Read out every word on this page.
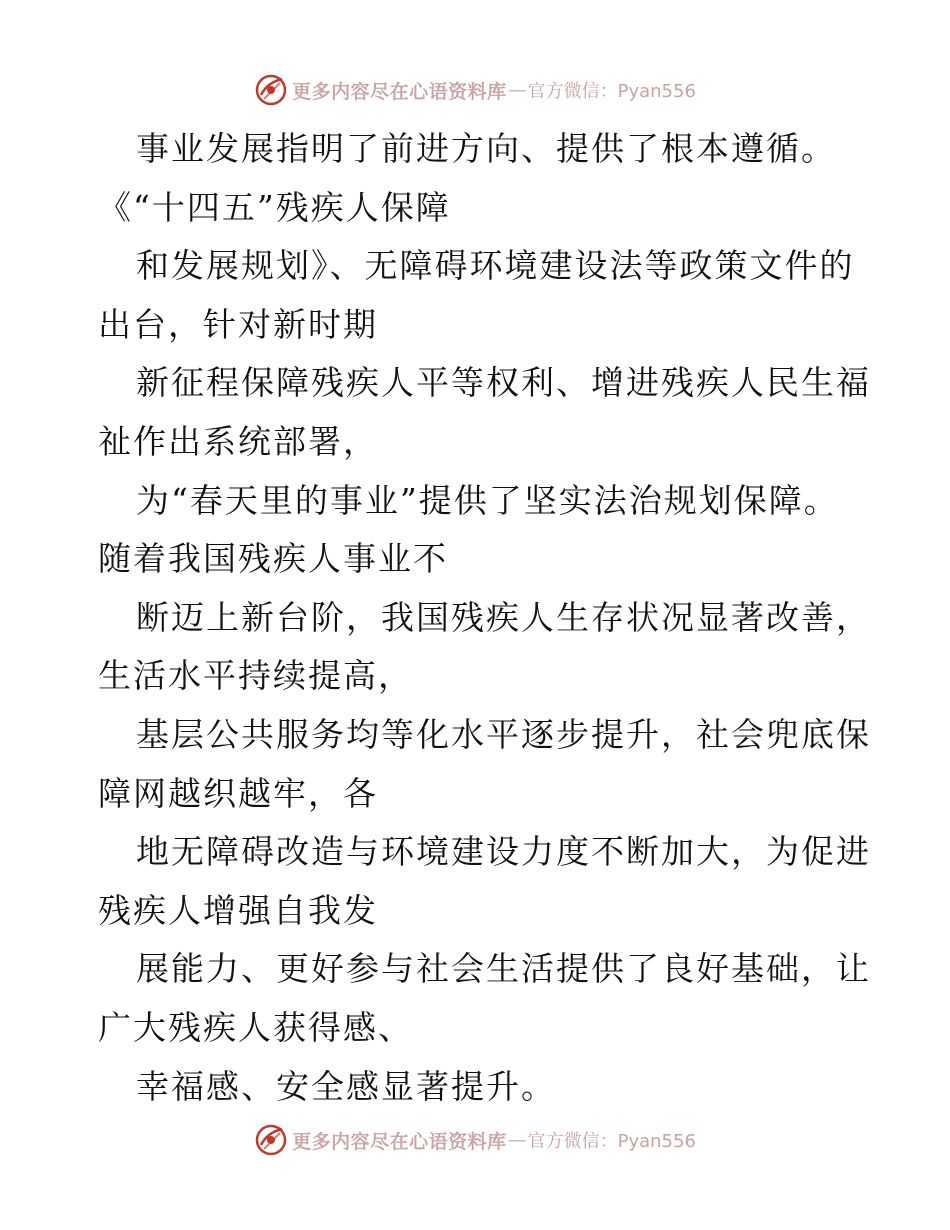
更多内容尽在心语资料库 — 官方微信：Pyan556
事业发展指明了前进方向、提供了根本遵循。
《“十四五”残疾人保障
和发展规划》、无障碍环境建设法等政策文件的
出台，针对新时期
新征程保障残疾人平等权利、增进残疾人民生福
祉作出系统部署，
为“春天里的事业”提供了坚实法治规划保障。
随着我国残疾人事业不
断迈上新台阶，我国残疾人生存状况显著改善，
生活水平持续提高，
基层公共服务均等化水平逐步提升，社会兜底保
障网越织越牢，各
地无障碍改造与环境建设力度不断加大，为促进
残疾人增强自我发
展能力、更好参与社会生活提供了良好基础，让
广大残疾人获得感、
幸福感、安全感显著提升。
更多内容尽在心语资料库 — 官方微信：Pyan556
